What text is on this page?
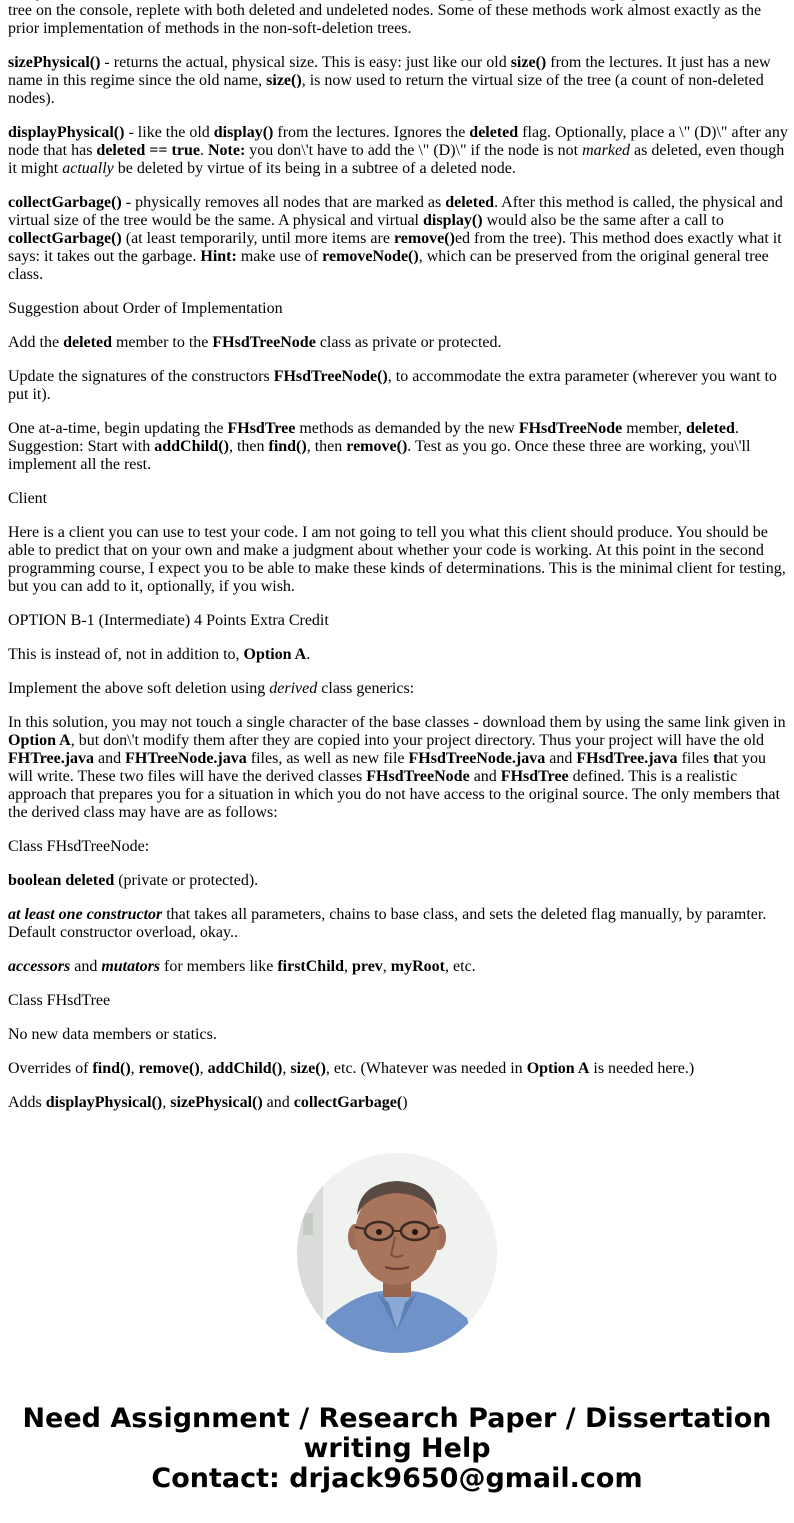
tree on the console, replete with both deleted and undeleted nodes. Some of these methods work almost exactly as the prior implementation of methods in the non-soft-deletion trees.

sizePhysical() - returns the actual, physical size. This is easy: just like our old size() from the lectures. It just has a new name in this regime since the old name, size(), is now used to return the virtual size of the tree (a count of non-deleted nodes).

displayPhysical() - like the old display() from the lectures. Ignores the deleted flag. Optionally, place a \" (D)\" after any node that has deleted == true. Note: you don\'t have to add the \" (D)\" if the node is not marked as deleted, even though it might actually be deleted by virtue of its being in a subtree of a deleted node.

collectGarbage() - physically removes all nodes that are marked as deleted. After this method is called, the physical and virtual size of the tree would be the same. A physical and virtual display() would also be the same after a call to collectGarbage() (at least temporarily, until more items are remove()ed from the tree). This method does exactly what it says: it takes out the garbage. Hint: make use of removeNode(), which can be preserved from the original general tree class.

Suggestion about Order of Implementation

Add the deleted member to the FHsdTreeNode class as private or protected.

Update the signatures of the constructors FHsdTreeNode(), to accommodate the extra parameter (wherever you want to put it).

One at-a-time, begin updating the FHsdTree methods as demanded by the new FHsdTreeNode member, deleted. Suggestion: Start with addChild(), then find(), then remove(). Test as you go. Once these three are working, you\'ll implement all the rest.

Client

Here is a client you can use to test your code. I am not going to tell you what this client should produce. You should be able to predict that on your own and make a judgment about whether your code is working. At this point in the second programming course, I expect you to be able to make these kinds of determinations. This is the minimal client for testing, but you can add to it, optionally, if you wish.

OPTION B-1 (Intermediate) 4 Points Extra Credit

This is instead of, not in addition to, Option A.

Implement the above soft deletion using derived class generics:

In this solution, you may not touch a single character of the base classes - download them by using the same link given in Option A, but don\'t modify them after they are copied into your project directory. Thus your project will have the old FHTree.java and FHTreeNode.java files, as well as new file FHsdTreeNode.java and FHsdTree.java files that you will write. These two files will have the derived classes FHsdTreeNode and FHsdTree defined. This is a realistic approach that prepares you for a situation in which you do not have access to the original source. The only members that the derived class may have are as follows:

Class FHsdTreeNode:

boolean deleted (private or protected).

at least one constructor that takes all parameters, chains to base class, and sets the deleted flag manually, by paramter. Default constructor overload, okay..

accessors and mutators for members like firstChild, prev, myRoot, etc.

Class FHsdTree

No new data members or statics.

Overrides of find(), remove(), addChild(), size(), etc. (Whatever was needed in Option A is needed here.)

Adds displayPhysical(), sizePhysical() and collectGarbage()

Need Assignment / Research Paper / Dissertation
writing Help
Contact: drjack9650@gmail.com
